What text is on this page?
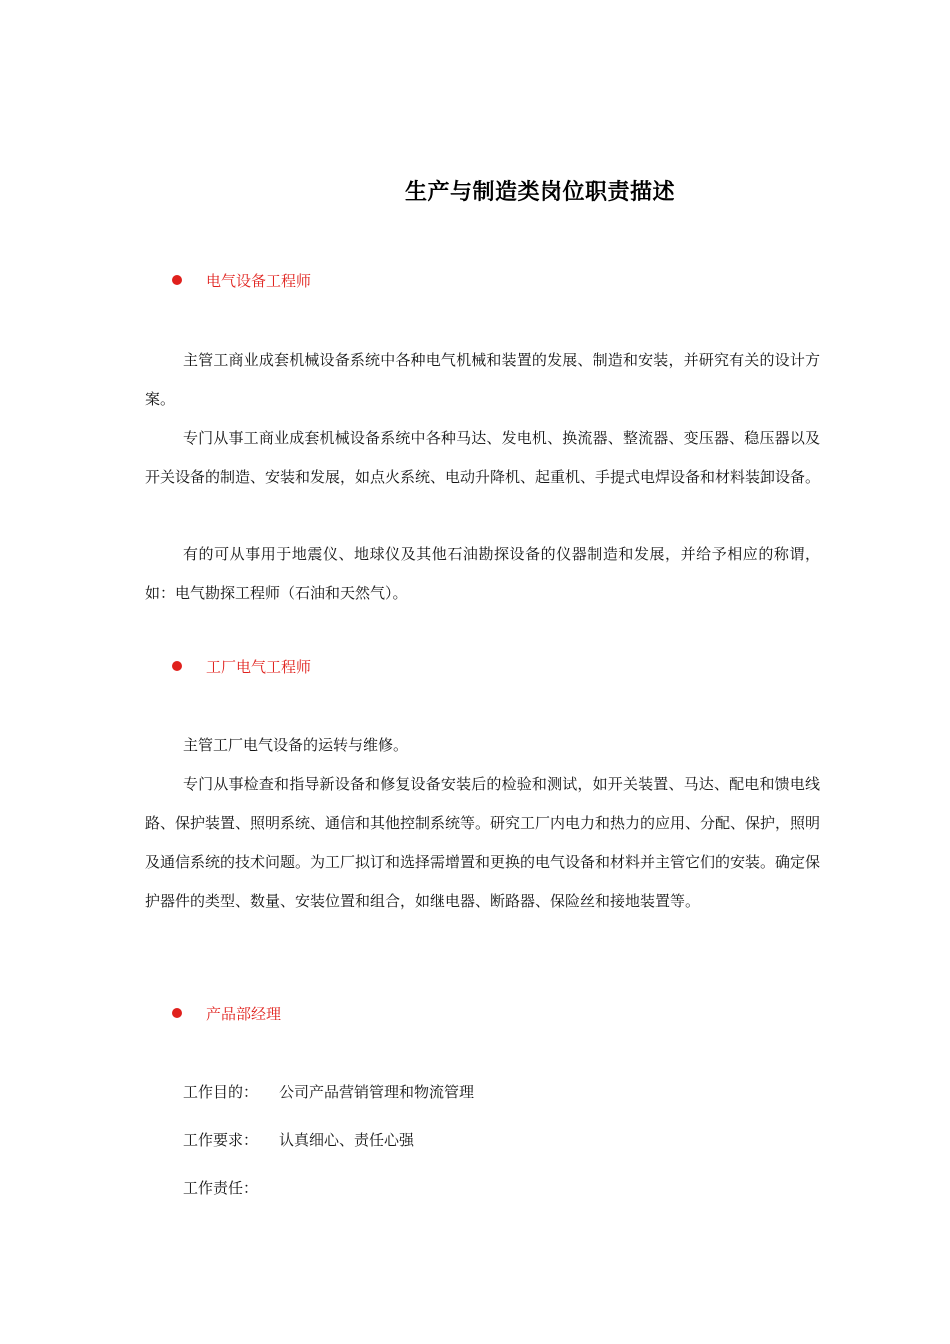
生产与制造类岗位职责描述
电气设备工程师

主管工商业成套机械设备系统中各种电气机械和装置的发展、制造和安装，并研究有关的设计方案。

专门从事工商业成套机械设备系统中各种马达、发电机、换流器、整流器、变压器、稳压器以及开关设备的制造、安装和发展，如点火系统、电动升降机、起重机、手提式电焊设备和材料装卸设备。

有的可从事用于地震仪、地球仪及其他石油勘探设备的仪器制造和发展，并给予相应的称谓，如：电气勘探工程师（石油和天然气）。

工厂电气工程师

主管工厂电气设备的运转与维修。

专门从事检查和指导新设备和修复设备安装后的检验和测试，如开关装置、马达、配电和馈电线路、保护装置、照明系统、通信和其他控制系统等。研究工厂内电力和热力的应用、分配、保护，照明及通信系统的技术问题。为工厂拟订和选择需增置和更换的电气设备和材料并主管它们的安装。确定保护器件的类型、数量、安装位置和组合，如继电器、断路器、保险丝和接地装置等。

产品部经理
工作目的： 公司产品营销管理和物流管理
工作要求： 认真细心、责任心强
工作责任：
